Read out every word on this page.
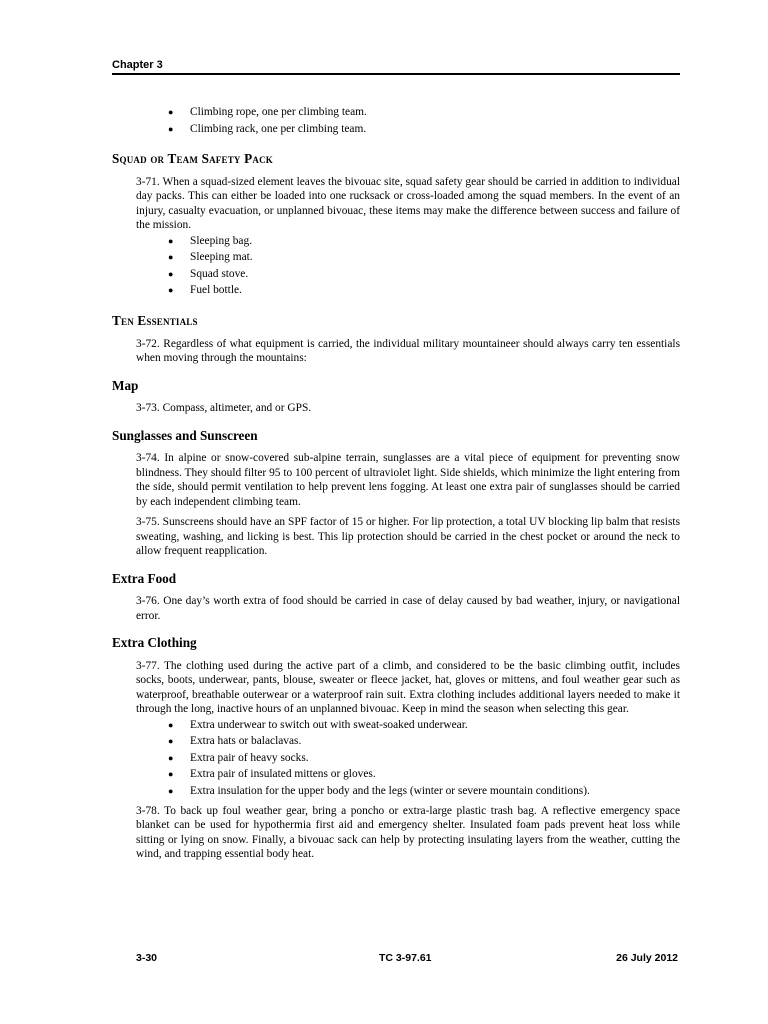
Chapter 3
● Climbing rope, one per climbing team.
● Climbing rack, one per climbing team.
Squad or Team Safety Pack

3-71. When a squad-sized element leaves the bivouac site, squad safety gear should be carried in addition to individual day packs. This can either be loaded into one rucksack or cross-loaded among the squad members. In the event of an injury, casualty evacuation, or unplanned bivouac, these items may make the difference between success and failure of the mission.

● Sleeping bag.
● Sleeping mat.
● Squad stove.
● Fuel bottle.
Ten Essentials

3-72. Regardless of what equipment is carried, the individual military mountaineer should always carry ten essentials when moving through the mountains:

Map

3-73. Compass, altimeter, and or GPS.

Sunglasses and Sunscreen

3-74. In alpine or snow-covered sub-alpine terrain, sunglasses are a vital piece of equipment for preventing snow blindness. They should filter 95 to 100 percent of ultraviolet light. Side shields, which minimize the light entering from the side, should permit ventilation to help prevent lens fogging. At least one extra pair of sunglasses should be carried by each independent climbing team.

3-75. Sunscreens should have an SPF factor of 15 or higher. For lip protection, a total UV blocking lip balm that resists sweating, washing, and licking is best. This lip protection should be carried in the chest pocket or around the neck to allow frequent reapplication.

Extra Food

3-76. One day’s worth extra of food should be carried in case of delay caused by bad weather, injury, or navigational error.

Extra Clothing

3-77. The clothing used during the active part of a climb, and considered to be the basic climbing outfit, includes socks, boots, underwear, pants, blouse, sweater or fleece jacket, hat, gloves or mittens, and foul weather gear such as waterproof, breathable outerwear or a waterproof rain suit. Extra clothing includes additional layers needed to make it through the long, inactive hours of an unplanned bivouac. Keep in mind the season when selecting this gear.

● Extra underwear to switch out with sweat-soaked underwear.
● Extra hats or balaclavas.
● Extra pair of heavy socks.
● Extra pair of insulated mittens or gloves.
● Extra insulation for the upper body and the legs (winter or severe mountain conditions).

3-78. To back up foul weather gear, bring a poncho or extra-large plastic trash bag. A reflective emergency space blanket can be used for hypothermia first aid and emergency shelter. Insulated foam pads prevent heat loss while sitting or lying on snow. Finally, a bivouac sack can help by protecting insulating layers from the weather, cutting the wind, and trapping essential body heat.

3-30	TC 3-97.61	26 July 2012
